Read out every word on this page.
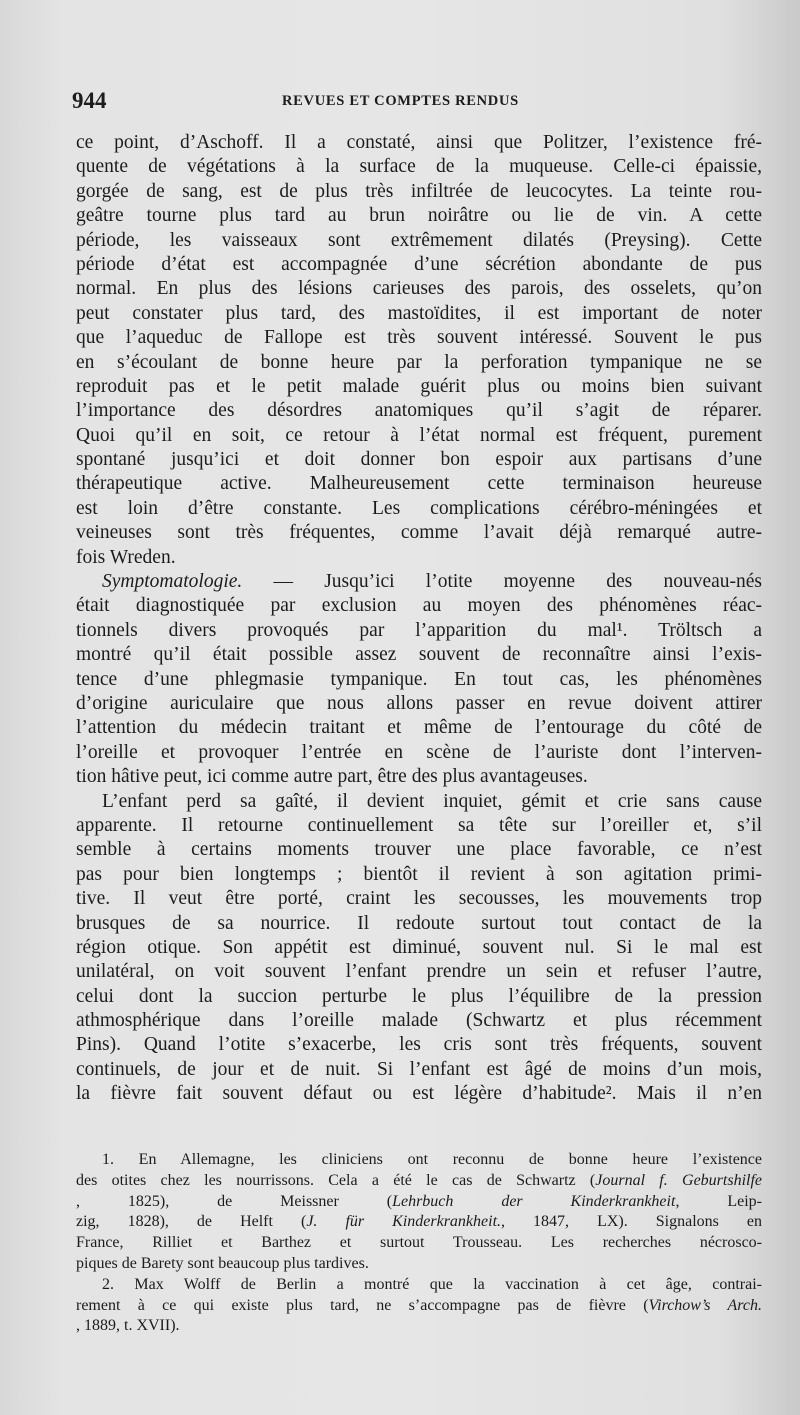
944	REVUES ET COMPTES RENDUS
ce point, d’Aschoff. Il a constaté, ainsi que Politzer, l’existence fré-
quente de végétations à la surface de la muqueuse. Celle-ci épaissie,
gorgée de sang, est de plus très infiltrée de leucocytes. La teinte rou-
geâtre tourne plus tard au brun noirâtre ou lie de vin. A cette
période, les vaisseaux sont extrêmement dilatés (Preysing). Cette
période d’état est accompagnée d’une sécrétion abondante de pus
normal. En plus des lésions carieuses des parois, des osselets, qu’on
peut constater plus tard, des mastoïdites, il est important de noter
que l’aqueduc de Fallope est très souvent intéressé. Souvent le pus
en s’écoulant de bonne heure par la perforation tympanique ne se
reproduit pas et le petit malade guérit plus ou moins bien suivant
l’importance des désordres anatomiques qu’il s’agit de réparer.
Quoi qu’il en soit, ce retour à l’état normal est fréquent, purement
spontané jusqu’ici et doit donner bon espoir aux partisans d’une
thérapeutique active. Malheureusement cette terminaison heureuse
est loin d’être constante. Les complications cérébro-méningées et
veineuses sont très fréquentes, comme l’avait déjà remarqué autre-
fois Wreden.
Symptomatologie. — Jusqu’ici l’otite moyenne des nouveau-nés
était diagnostiquée par exclusion au moyen des phénomènes réac-
tionnels divers provoqués par l’apparition du mal¹. Tröltsch a
montré qu’il était possible assez souvent de reconnaître ainsi l’exis-
tence d’une phlegmasie tympanique. En tout cas, les phénomènes
d’origine auriculaire que nous allons passer en revue doivent attirer
l’attention du médecin traitant et même de l’entourage du côté de
l’oreille et provoquer l’entrée en scène de l’auriste dont l’interven-
tion hâtive peut, ici comme autre part, être des plus avantageuses.
L’enfant perd sa gaîté, il devient inquiet, gémit et crie sans cause
apparente. Il retourne continuellement sa tête sur l’oreiller et, s’il
semble à certains moments trouver une place favorable, ce n’est
pas pour bien longtemps ; bientôt il revient à son agitation primi-
tive. Il veut être porté, craint les secousses, les mouvements trop
brusques de sa nourrice. Il redoute surtout tout contact de la
région otique. Son appétit est diminué, souvent nul. Si le mal est
unilatéral, on voit souvent l’enfant prendre un sein et refuser l’autre,
celui dont la succion perturbe le plus l’équilibre de la pression
athmosphérique dans l’oreille malade (Schwartz et plus récemment
Pins). Quand l’otite s’exacerbe, les cris sont très fréquents, souvent
continuels, de jour et de nuit. Si l’enfant est âgé de moins d’un mois,
la fièvre fait souvent défaut ou est légère d’habitude². Mais il n’en
1. En Allemagne, les cliniciens ont reconnu de bonne heure l’existence
des otites chez les nourrissons. Cela a été le cas de Schwartz (Journal f. Geburtshilfe
, 1825), de Meissner (Lehrbuch der Kinderkrankheit, Leip-
zig, 1828), de Helft (J. für Kinderkrankheit., 1847, LX). Signalons en
France, Rilliet et Barthez et surtout Trousseau. Les recherches nécrosco-
piques de Barety sont beaucoup plus tardives.
2. Max Wolff de Berlin a montré que la vaccination à cet âge, contrai-
rement à ce qui existe plus tard, ne s’accompagne pas de fièvre (Virchow’s Arch.
, 1889, t. XVII).
